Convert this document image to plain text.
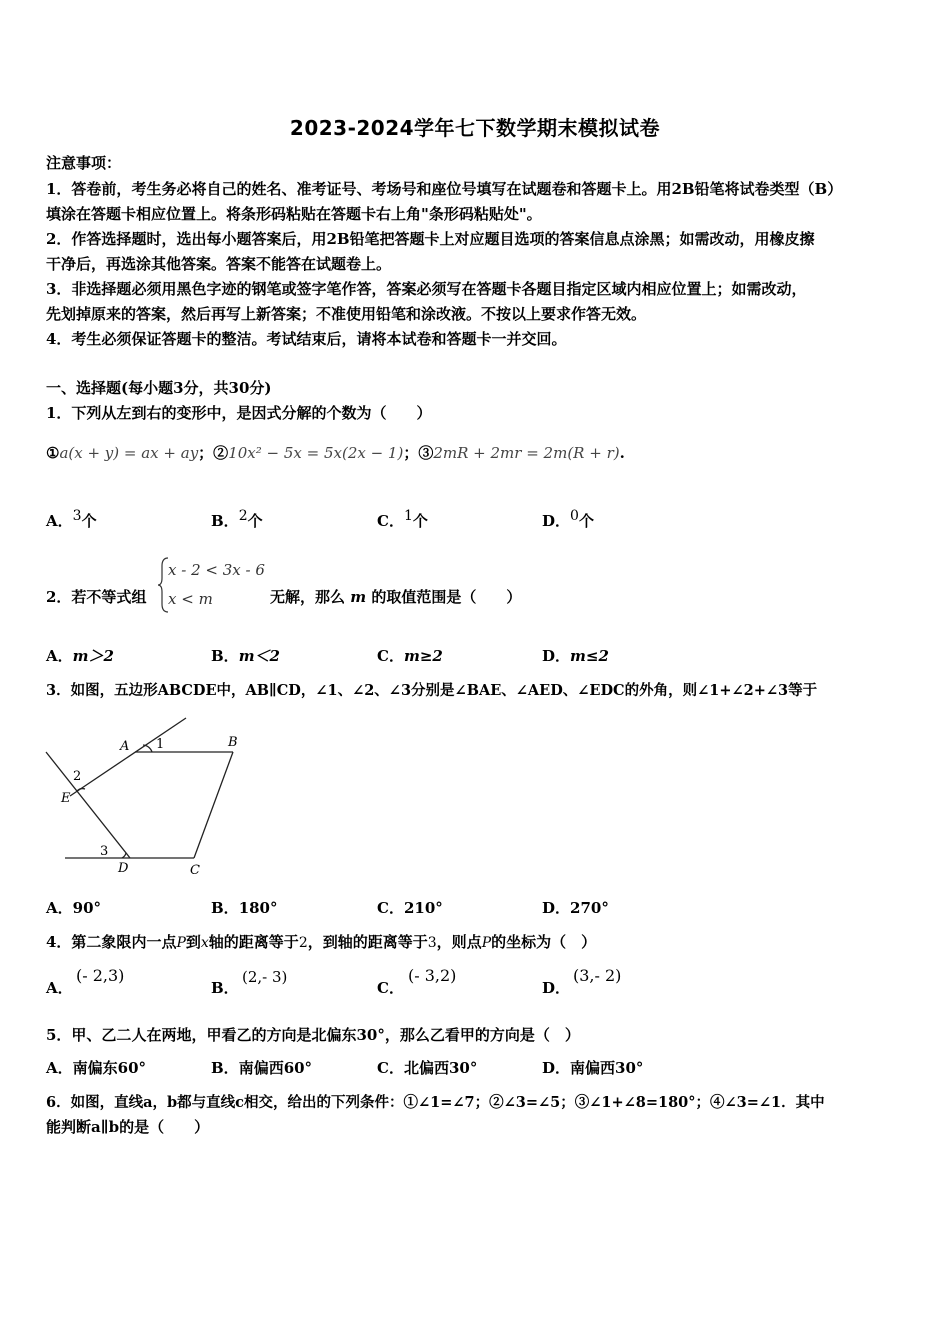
2023-2024学年七下数学期末模拟试卷
注意事项：
1．答卷前，考生务必将自己的姓名、准考证号、考场号和座位号填写在试题卷和答题卡上。用2B铅笔将试卷类型（B）
填涂在答题卡相应位置上。将条形码粘贴在答题卡右上角"条形码粘贴处"。
2．作答选择题时，选出每小题答案后，用2B铅笔把答题卡上对应题目选项的答案信息点涂黑；如需改动，用橡皮擦
干净后，再选涂其他答案。答案不能答在试题卷上。
3．非选择题必须用黑色字迹的钢笔或签字笔作答，答案必须写在答题卡各题目指定区域内相应位置上；如需改动，
先划掉原来的答案，然后再写上新答案；不准使用铅笔和涂改液。不按以上要求作答无效。
4．考生必须保证答题卡的整洁。考试结束后，请将本试卷和答题卡一并交回。
一、选择题(每小题3分，共30分)
1．下列从左到右的变形中，是因式分解的个数为（　　）
①a(x + y) = ax + ay；②10x² − 5x = 5x(2x − 1)；③2mR + 2mr = 2m(R + r).
A．3个	B．2个	C．1个	D．0个
2．若不等式组
x - 2 < 3x - 6
x < m	无解，那么 m 的取值范围是（　　）
A．m＞2	B．m＜2	C．m≥2	D．m≤2
3．如图，五边形ABCDE中，AB∥CD，∠1、∠2、∠3分别是∠BAE、∠AED、∠EDC的外角，则∠1+∠2+∠3等于
A	B
C
D
E
1
2
3
A．90°	B．180°	C．210°	D．270°
4．第二象限内一点P到x轴的距离等于2，到轴的距离等于3，则点P的坐标为（　）
A．
(- 2,3)
B．
(2,- 3)
C．
(- 3,2)
D．
(3,- 2)
5．甲、乙二人在两地，甲看乙的方向是北偏东30°，那么乙看甲的方向是（　）
A．南偏东60°	B．南偏西60°	C．北偏西30°	D．南偏西30°
6．如图，直线a，b都与直线c相交，给出的下列条件：①∠1=∠7；②∠3=∠5；③∠1+∠8=180°；④∠3=∠1．其中
能判断a∥b的是（　　）
